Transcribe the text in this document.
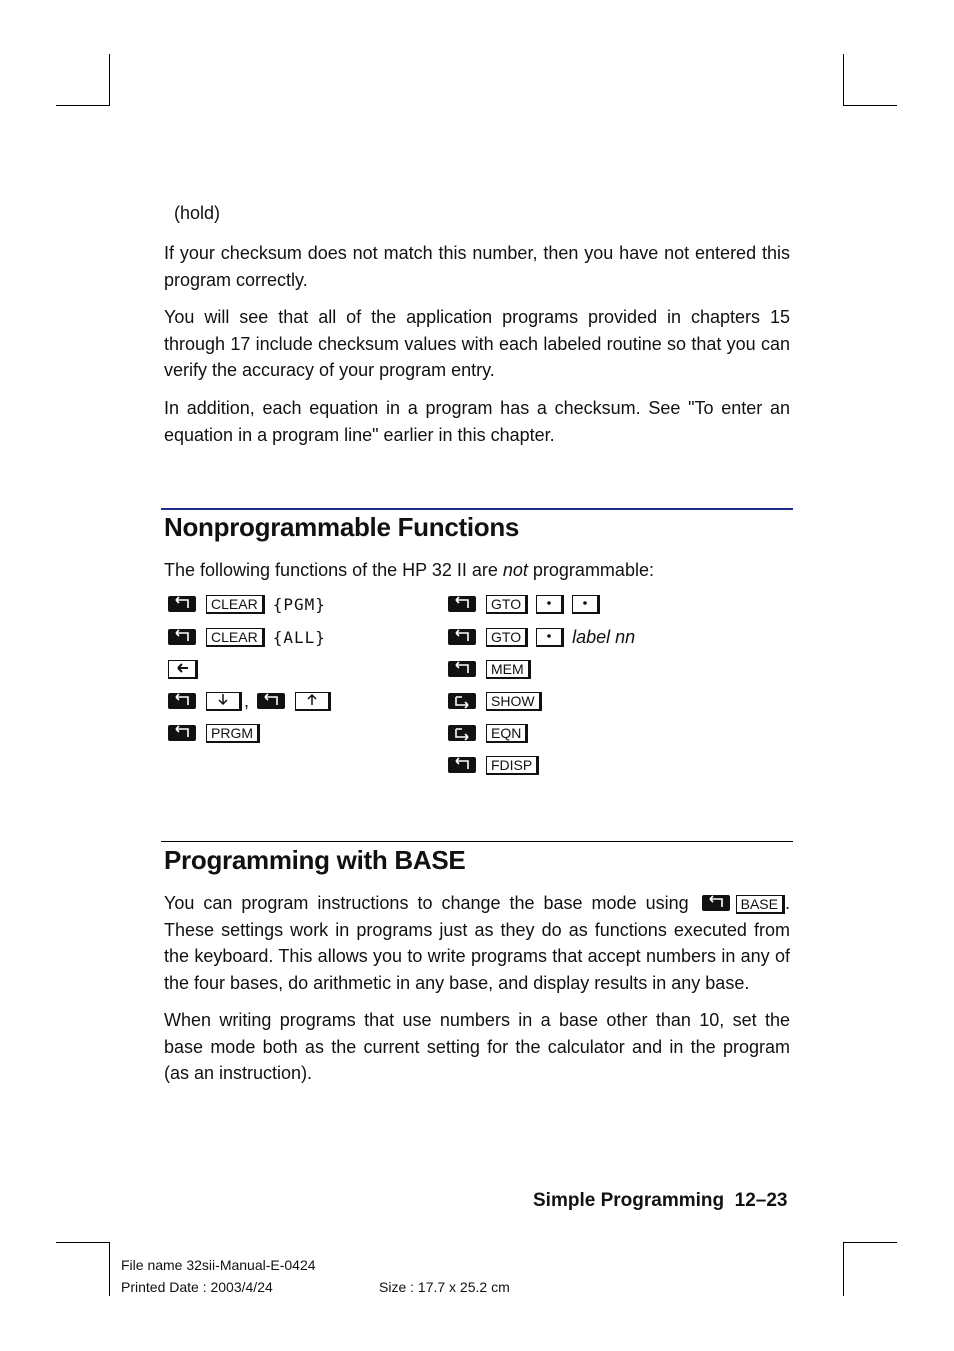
(hold)
If your checksum does not match this number, then you have not entered this program correctly.
You will see that all of the application programs provided in chapters 15 through 17 include checksum values with each labeled routine so that you can verify the accuracy of your program entry.
In addition, each equation in a program has a checksum. See "To enter an equation in a program line" earlier in this chapter.
Nonprogrammable Functions
The following functions of the HP 32 II are not programmable:
CLEAR {PGM}
CLEAR {ALL}
,
PRGM
GTO
GTO	label nn
MEM
SHOW
EQN
FDISP
Programming with BASE
You can program instructions to change the base mode using	BASE . These settings work in programs just as they do as functions executed from the keyboard. This allows you to write programs that accept numbers in any of the four bases, do arithmetic in any base, and display results in any base.
When writing programs that use numbers in a base other than 10, set the base mode both as the current setting for the calculator and in the program (as an instruction).
Simple Programming  12–23
File name 32sii-Manual-E-0424
Printed Date : 2003/4/24	Size : 17.7 x 25.2 cm
